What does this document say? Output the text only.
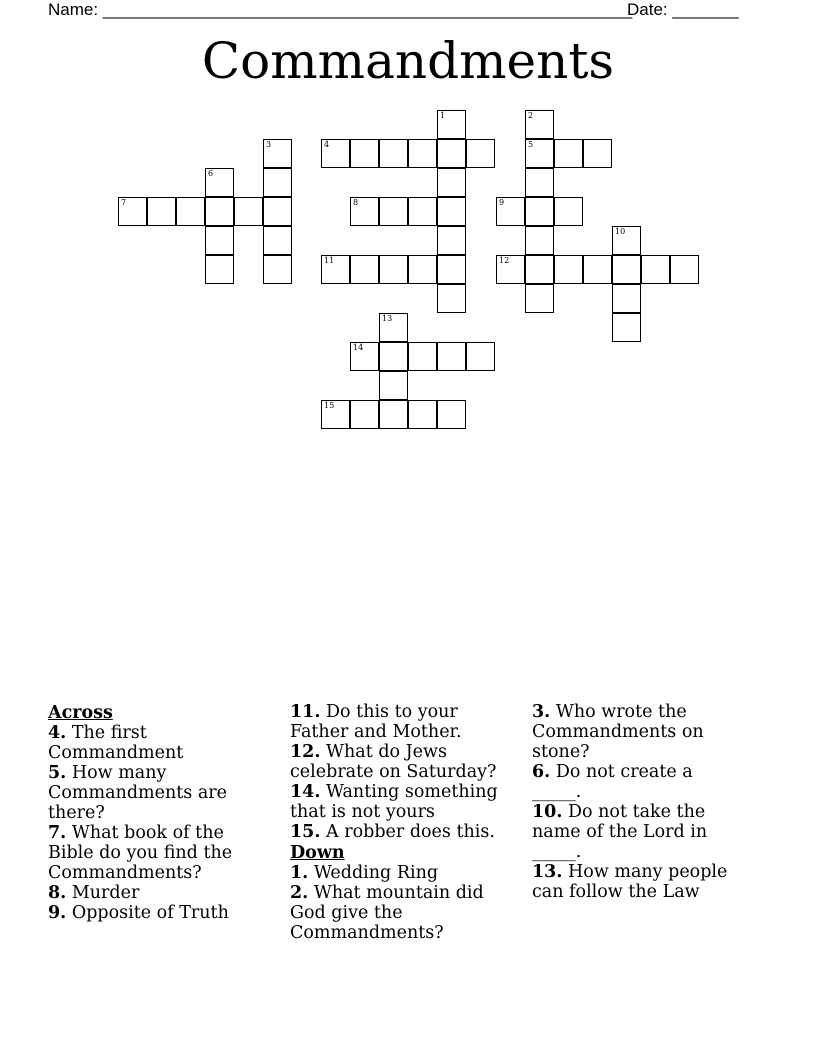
Name: ________________________________________________________
Date: _______
Commandments
1	2
3	4	5
6
7	8	9
10
11	12
13
14
15
Across

4. The first Commandment

5. How many Commandments are there?

7. What book of the Bible do you find the Commandments?

8. Murder

9. Opposite of Truth

11. Do this to your Father and Mother.

12. What do Jews celebrate on Saturday?

14. Wanting something that is not yours

15. A robber does this.

Down

1. Wedding Ring

2. What mountain did God give the Commandments?

3. Who wrote the Commandments on stone?

6. Do not create a _____.

10. Do not take the name of the Lord in _____.

13. How many people can follow the Law
